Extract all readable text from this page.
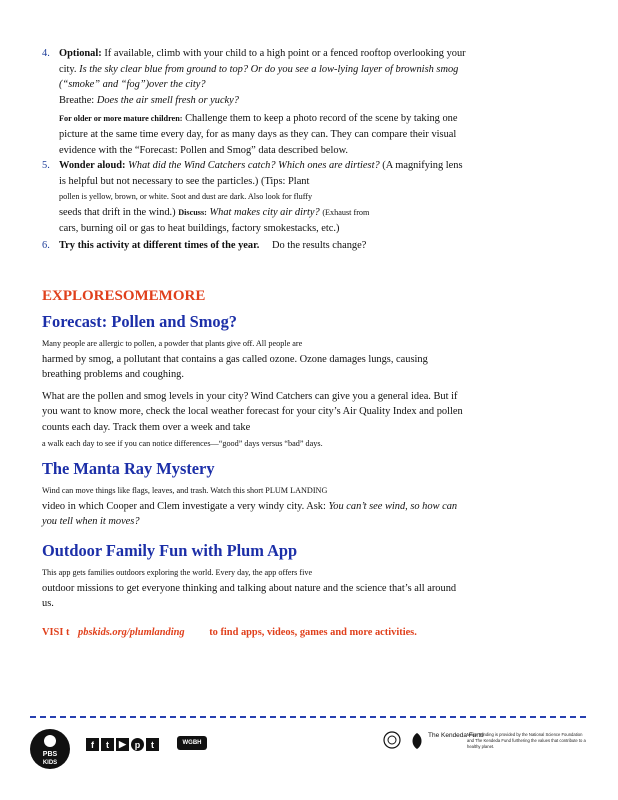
4. Optional: If available, climb with your child to a high point or a fenced rooftop overlooking your city. Is the sky clear blue from ground to top? Or do you see a low-lying layer of brownish smog (“smoke” and “fog”)over the city?
Breathe: Does the air smell fresh or yucky?
For older or more mature children: Challenge them to keep a photo record of the scene by taking one picture at the same time every day, for as many days as they can. They can compare their visual evidence with the “Forecast: Pollen and Smog” data described below.
5. Wonder aloud: What did the Wind Catchers catch? Which ones are dirtiest? (A magnifying lens is helpful but not necessary to see the particles.) (Tips: Plant
pollen is yellow, brown, or white. Soot and dust are dark. Also look for fluffy
seeds that drift in the wind.) Discuss: What makes city air dirty? (Exhaust from
cars, burning oil or gas to heat buildings, factory smokestacks, etc.)
6. Try this activity at different times of the year. Do the results change?
EXPLORESOMEMORE
Forecast: Pollen and Smog?
Many people are allergic to pollen, a powder that plants give off. All people are
harmed by smog, a pollutant that contains a gas called ozone. Ozone damages lungs, causing breathing problems and coughing.
What are the pollen and smog levels in your city? Wind Catchers can give you a general idea. But if you want to know more, check the local weather forecast for your city’s Air Quality Index and pollen counts each day. Track them over a week and take
a walk each day to see if you can notice differences—“good” days versus “bad” days.
The Manta Ray Mystery
Wind can move things like flags, leaves, and trash. Watch this short PLUM LANDING
video in which Cooper and Clem investigate a very windy city. Ask: You can’t see wind, so how can you tell when it moves?
Outdoor Family Fun with Plum App
This app gets families outdoors exploring the world. Every day, the app offers five
outdoor missions to get everyone thinking and talking about nature and the science that’s all around us.
VISI t pbskids.org/plumlanding to find apps, videos, games and more activities.
PBS
KIDS
f	t	▶ p	t	WGBH
The Kendeda Fund
Major Funding is provided by the National Science Foundation and The Kendeda Fund furthering the values that contribute to a healthy planet.
